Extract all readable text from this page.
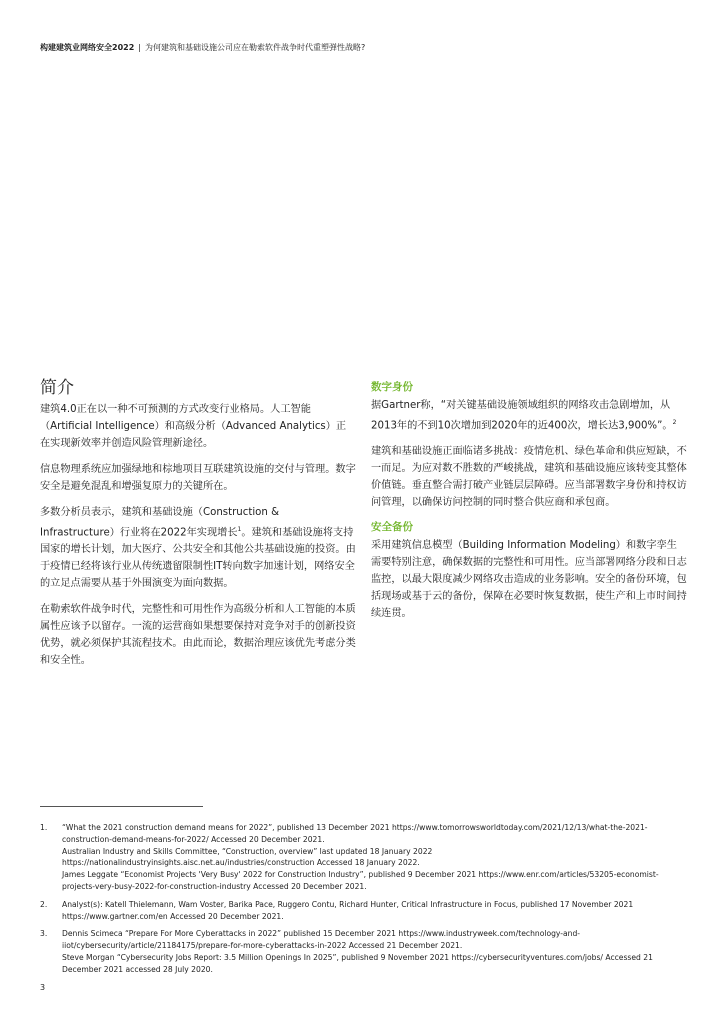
构建建筑业网络安全2022 | 为何建筑和基础设施公司应在勒索软件战争时代重塑弹性战略?
简介

建筑4.0正在以一种不可预测的方式改变行业格局。人工智能（Artificial Intelligence）和高级分析（Advanced Analytics）正在实现新效率并创造风险管理新途径。

信息物理系统应加强绿地和棕地项目互联建筑设施的交付与管理。数字安全是避免混乱和增强复原力的关键所在。

多数分析员表示，建筑和基础设施（Construction & Infrastructure）行业将在2022年实现增长$^1$。建筑和基础设施将支持国家的增长计划，加大医疗、公共安全和其他公共基础设施的投资。由于疫情已经将该行业从传统遗留限制性IT转向数字加速计划，网络安全的立足点需要从基于外围演变为面向数据。

在勒索软件战争时代，完整性和可用性作为高级分析和人工智能的本质属性应该予以留存。一流的运营商如果想要保持对竞争对手的创新投资优势，就必须保护其流程技术。由此而论，数据治理应该优先考虑分类和安全性。

数字身份

据Gartner称，“对关键基础设施领域组织的网络攻击急剧增加，从2013年的不到10次增加到2020年的近400次，增长达3,900%”。$^2$

建筑和基础设施正面临诸多挑战：疫情危机、绿色革命和供应短缺，不一而足。为应对数不胜数的严峻挑战，建筑和基础设施应该转变其整体价值链。垂直整合需打破产业链层层障碍。应当部署数字身份和持权访问管理，以确保访问控制的同时整合供应商和承包商。

安全备份

采用建筑信息模型（Building Information Modeling）和数字孪生需要特别注意，确保数据的完整性和可用性。应当部署网络分段和日志监控，以最大限度减少网络攻击造成的业务影响。安全的备份环境，包括现场或基于云的备份，保障在必要时恢复数据，使生产和上市时间持续连贯。

1.	“What the 2021 construction demand means for 2022”, published 13 December 2021 https://www.tomorrowsworldtoday.com/2021/12/13/what-the-2021-construction-demand-means-for-2022/ Accessed 20 December 2021.
Australian Industry and Skills Committee, “Construction, overview” last updated 18 January 2022 https://nationalindustryinsights.aisc.net.au/industries/construction Accessed 18 January 2022.
James Leggate “Economist Projects 'Very Busy' 2022 for Construction Industry”, published 9 December 2021 https://www.enr.com/articles/53205-economist-projects-very-busy-2022-for-construction-industry Accessed 20 December 2021.
2.	Analyst(s): Katell Thielemann, Wam Voster, Barika Pace, Ruggero Contu, Richard Hunter, Critical Infrastructure in Focus, published 17 November 2021 https://www.gartner.com/en Accessed 20 December 2021.
3.	Dennis Scimeca “Prepare For More Cyberattacks in 2022” published 15 December 2021 https://www.industryweek.com/technology-and-iiot/cybersecurity/article/21184175/prepare-for-more-cyberattacks-in-2022 Accessed 21 December 2021.
Steve Morgan “Cybersecurity Jobs Report: 3.5 Million Openings In 2025”, published 9 November 2021 https://cybersecurityventures.com/jobs/ Accessed 21 December 2021 accessed 28 July 2020.
3
